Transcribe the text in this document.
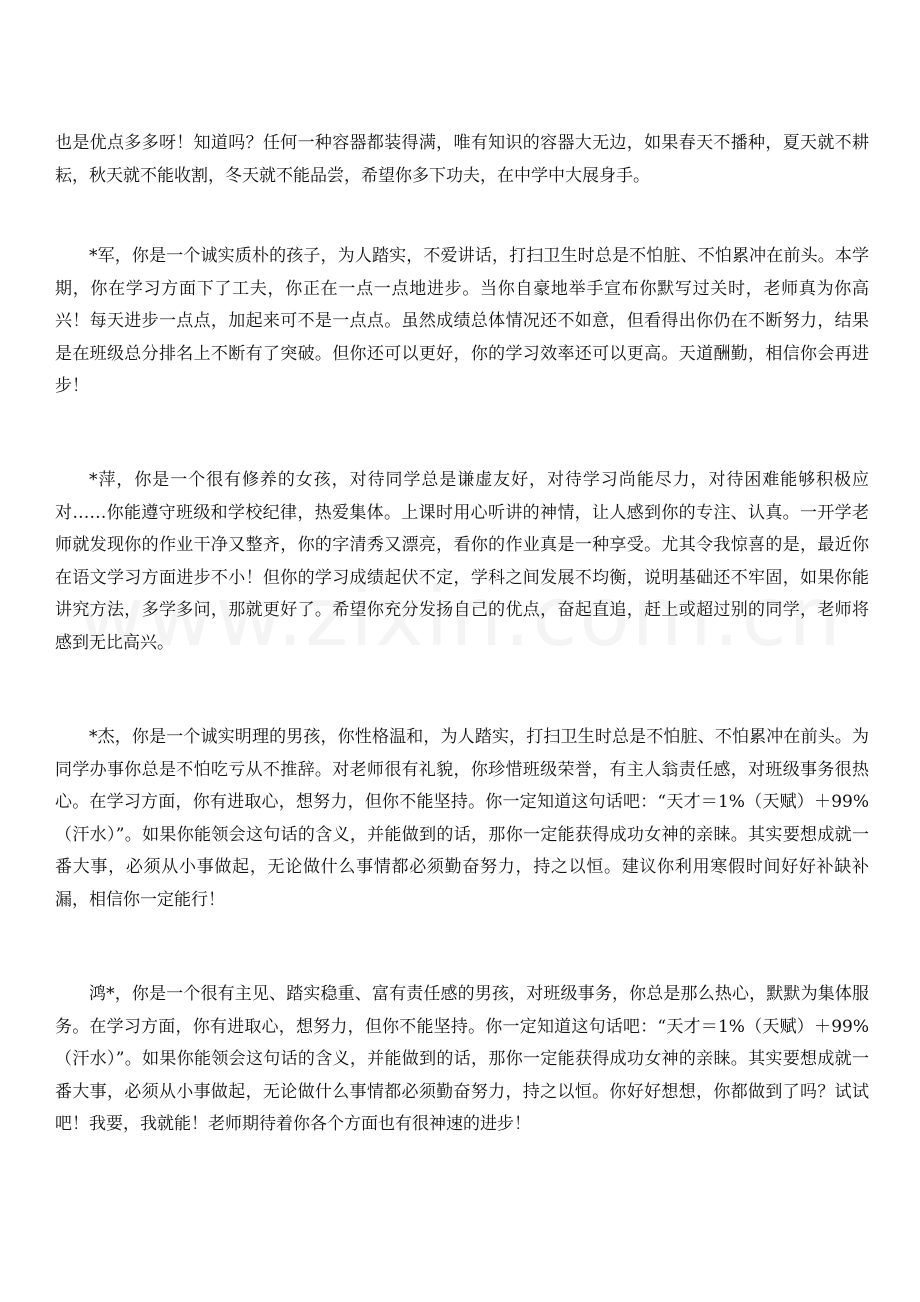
也是优点多多呀！知道吗？任何一种容器都装得满，唯有知识的容器大无边，如果春天不播种，夏天就不耕耘，秋天就不能收割，冬天就不能品尝，希望你多下功夫，在中学中大展身手。

*军，你是一个诚实质朴的孩子，为人踏实，不爱讲话，打扫卫生时总是不怕脏、不怕累冲在前头。本学期，你在学习方面下了工夫，你正在一点一点地进步。当你自豪地举手宣布你默写过关时，老师真为你高兴！每天进步一点点，加起来可不是一点点。虽然成绩总体情况还不如意，但看得出你仍在不断努力，结果是在班级总分排名上不断有了突破。但你还可以更好，你的学习效率还可以更高。天道酬勤，相信你会再进步！

*萍，你是一个很有修养的女孩，对待同学总是谦虚友好，对待学习尚能尽力，对待困难能够积极应对……你能遵守班级和学校纪律，热爱集体。上课时用心听讲的神情，让人感到你的专注、认真。一开学老师就发现你的作业干净又整齐，你的字清秀又漂亮，看你的作业真是一种享受。尤其令我惊喜的是，最近你在语文学习方面进步不小！但你的学习成绩起伏不定，学科之间发展不均衡，说明基础还不牢固，如果你能讲究方法，多学多问，那就更好了。希望你充分发扬自己的优点，奋起直追，赶上或超过别的同学，老师将感到无比高兴。

*杰，你是一个诚实明理的男孩，你性格温和，为人踏实，打扫卫生时总是不怕脏、不怕累冲在前头。为同学办事你总是不怕吃亏从不推辞。对老师很有礼貌，你珍惜班级荣誉，有主人翁责任感，对班级事务很热心。在学习方面，你有进取心，想努力，但你不能坚持。你一定知道这句话吧：“天才＝1%（天赋）＋99%（汗水）”。如果你能领会这句话的含义，并能做到的话，那你一定能获得成功女神的亲睐。其实要想成就一番大事，必须从小事做起，无论做什么事情都必须勤奋努力，持之以恒。建议你利用寒假时间好好补缺补漏，相信你一定能行！

鸿*，你是一个很有主见、踏实稳重、富有责任感的男孩，对班级事务，你总是那么热心，默默为集体服务。在学习方面，你有进取心，想努力，但你不能坚持。你一定知道这句话吧：“天才＝1%（天赋）＋99%（汗水）”。如果你能领会这句话的含义，并能做到的话，那你一定能获得成功女神的亲睐。其实要想成就一番大事，必须从小事做起，无论做什么事情都必须勤奋努力，持之以恒。你好好想想，你都做到了吗？试试吧！我要，我就能！老师期待着你各个方面也有很神速的进步！
